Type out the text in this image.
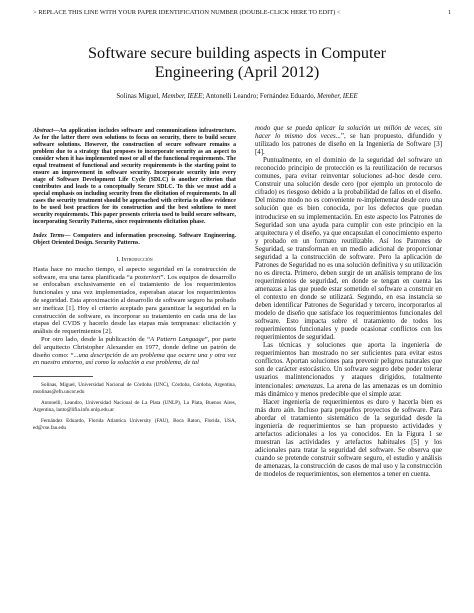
> REPLACE THIS LINE WITH YOUR PAPER IDENTIFICATION NUMBER (DOUBLE-CLICK HERE TO EDIT) <	1
Software secure building aspects in Computer
Engineering (April 2012)
Solinas Miguel, Member, IEEE; Antonelli Leandro; Fernández Eduardo, Member, IEEE

Abstract—An application includes software and communications infrastructure. As for the latter there own solutions to focus on security, there to build secure software solutions. However, the construction of secure software remains a problem due to a strategy that proposes to incorporate security as an aspect to consider when it has implemented most or all of the functional requirements. The equal treatment of functional and security requirements is the starting point to ensure an improvement in software security. Incorporate security into every stage of Software Development Life Cycle (SDLC) is another criterion that contributes and leads to a conceptually Secure SDLC. To this we must add a special emphasis on including security from the elicitation of requirements. In all cases the security treatment should be approached with criteria to allow evidence to be used best practices for its construction and the best solutions to meet security requirements. This paper presents criteria used to build secure software, incorporating Security Patterns, since requirements elicitation phase.

Index Terms— Computers and information processing. Software Engineering. Object Oriented Design. Security Patterns.

I. Introducción

Hasta hace no mucho tiempo, el aspecto seguridad en la construcción de software, era una tarea planificada “a posteriori”. Los equipos de desarrollo se enfocaban exclusivamente en el tratamiento de los requerimientos funcionales y una vez implementados, esperaban atacar los requerimientos de seguridad. Esta aproximación al desarrollo de software seguro ha probado ser ineficaz [1]. Hoy el criterio aceptado para garantizar la seguridad en la construcción de software, es incorporar su tratamiento en cada una de las etapas del CVDS y hacerlo desde las etapas más tempranas: elicitación y análisis de requerimientos [2].

Por otro lado, desde la publicación de “A Pattern Language”, por parte del arquitecto Christopher Alexander en 1977, donde define un patrón de diseño como: “...una descripción de un problema que ocurre una y otra vez en nuestro entorno, así como la solución a ese problema, de tal

Solinas, Miguel, Universidad Nacional de Córdoba (UNC), Córdoba, Córdoba, Argentina, msolinas@efn.uncor.edu

Antonelli, Leandro, Universidad Nacional de La Plata (UNLP), La Plata, Buenos Aires, Argentina, lanto@lifia.info.unlp.edu.ar

Fernández Eduardo, Florida Atlantica University (FAU), Boca Raton, Florida, USA, ed@cse.fau.edu

modo que se pueda aplicar la solución un millón de veces, sin hacer lo mismo dos veces...”, se han propuesto, difundido y utilizado los patrones de diseño en la Ingeniería de Software [3] [4].

Puntualmente, en el dominio de la seguridad del software un reconocido principio de protección es la reutilización de recursos comunes, para evitar reinventar soluciones ad-hoc desde cero. Construir una solución desde cero (por ejemplo un protocolo de cifrado) es riesgoso debido a la probabilidad de fallos en el diseño. Del mismo modo no es conveniente re-implementar desde cero una solución que es bien conocida, por los defectos que puedan introducirse en su implementación. En este aspecto los Patrones de Seguridad son una ayuda para cumplir con este principio en la arquitectura y el diseño, ya que encapsulan el conocimiento experto y probado en un formato reutilizable. Así los Patrones de Seguridad, se transforman en un medio adicional de proporcionar seguridad a la construcción de software. Pero la aplicación de Patrones de Seguridad no es una solución definitiva y su utilización no es directa. Primero, deben surgir de un análisis temprano de los requerimientos de seguridad, en donde se tengan en cuenta las amenazas a las que puede estar sometido el software a construir en el contexto en donde se utilizará. Segundo, en esa instancia se deben identificar Patrones de Seguridad y tercero, incorporarlos al modelo de diseño que satisface los requerimientos funcionales del software. Esto impacta sobre el tratamiento de todos los requerimientos funcionales y puede ocasionar conflictos con los requerimientos de seguridad.

Las técnicas y soluciones que aporta la ingeniería de requerimientos han mostrado no ser suficientes para evitar estos conflictos. Aportan soluciones para prevenir peligros naturales que son de carácter estocástico. Un software seguro debe poder tolerar usuarios malintencionados y ataques dirigidos, totalmente intencionales: amenazas. La arena de las amenazas es un dominio más dinámico y menos predecible que el simple azar.

Hacer ingeniería de requerimientos es duro y hacerla bien es más duro aún. Incluso para pequeños proyectos de software. Para abordar el tratamiento sistemático de la seguridad desde la ingeniería de requerimientos se han propuesto actividades y artefactos adicionales a los ya conocidos. En la Figura 1 se muestran las actividades y artefactos habituales [5] y los adicionales para tratar la seguridad del software. Se observa que cuando se pretende construir software seguro, el estudio y análisis de amenazas, la construcción de casos de mal uso y la construcción de modelos de requerimientos, son elementos a tener en cuenta.
